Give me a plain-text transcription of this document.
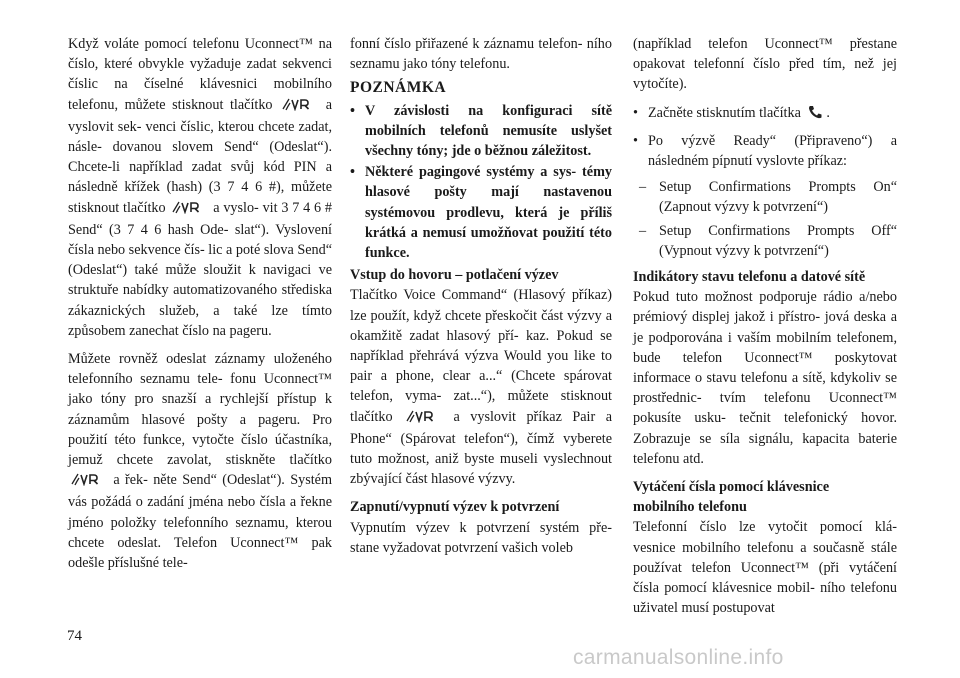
Když voláte pomocí telefonu Uconnect™ na číslo, které obvykle vyžaduje zadat sekvenci číslic na číselné klávesnici mobilního telefonu, můžete stisknout tlačítko	a vyslovit sek- venci číslic, kterou chcete zadat, násle- dovanou slovem Send“ (Odeslat“). Chcete-li například zadat svůj kód PIN a následně křížek (hash) (3 7 4 6 #), můžete stisknout tlačítko	a vyslo- vit 3 7 4 6 # Send“ (3 7 4 6 hash Ode- slat“). Vyslovení čísla nebo sekvence čís- lic a poté slova Send“ (Odeslat“) také může sloužit k navigaci ve struktuře nabídky automatizovaného střediska zákaznických služeb, a také lze tímto způsobem zanechat číslo na pageru.

Můžete rovněž odeslat záznamy uloženého telefonního seznamu tele- fonu Uconnect™ jako tóny pro snazší a rychlejší přístup k záznamům hlasové pošty a pageru. Pro použití této funkce, vytočte číslo účastníka, jemuž chcete zavolat, stiskněte tlačítko  a řek- něte Send“ (Odeslat“). Systém vás požádá o zadání jména nebo čísla a řekne jméno položky telefonního seznamu, kterou chcete odeslat. Telefon Uconnect™ pak odešle příslušné tele-

fonní číslo přiřazené k záznamu telefon- ního seznamu jako tóny telefonu.

POZNÁMKA
• V závislosti na konfiguraci sítě mobilních telefonů nemusíte uslyšet všechny tóny; jde o běžnou záležitost.
• Některé pagingové systémy a sys- témy hlasové pošty mají nastavenou systémovou prodlevu, která je příliš krátká a nemusí umožňovat použití této funkce.
Vstup do hovoru – potlačení výzev

Tlačítko Voice Command“ (Hlasový příkaz) lze použít, když chcete přeskočit část výzvy a okamžitě zadat hlasový pří- kaz. Pokud se například přehrává výzva Would you like to pair a phone, clear a...“ (Chcete spárovat telefon, vyma- zat...“), můžete stisknout tlačítko	a vyslovit příkaz Pair a Phone“ (Spárovat telefon“), čímž vyberete tuto možnost, aniž byste museli vyslechnout zbývající část hlasové výzvy.

Zapnutí/vypnutí výzev k potvrzení

Vypnutím výzev k potvrzení systém pře- stane vyžadovat potvrzení vašich voleb

(například telefon Uconnect™ přestane opakovat telefonní číslo před tím, než jej vytočíte).

• Začněte stisknutím tlačítka .
• Po výzvě Ready“ (Připraveno“) a následném pípnutí vyslovte příkaz:
– Setup Confirmations Prompts On“ (Zapnout výzvy k potvrzení“)
– Setup Confirmations Prompts Off“ (Vypnout výzvy k potvrzení“)
Indikátory stavu telefonu a datové sítě

Pokud tuto možnost podporuje rádio a/nebo prémiový displej jakož i přístro- jová deska a je podporována i vaším mobilním telefonem, bude telefon Uconnect™ poskytovat informace o stavu telefonu a sítě, kdykoliv se prostřednic- tvím telefonu Uconnect™ pokusíte usku- tečnit telefonický hovor. Zobrazuje se síla signálu, kapacita baterie telefonu atd.

Vytáčení čísla pomocí klávesnice
mobilního telefonu

Telefonní číslo lze vytočit pomocí klá- vesnice mobilního telefonu a současně stále používat telefon Uconnect™ (při vytáčení čísla pomocí klávesnice mobil- ního telefonu uživatel musí postupovat

74
carmanualsonline.info
